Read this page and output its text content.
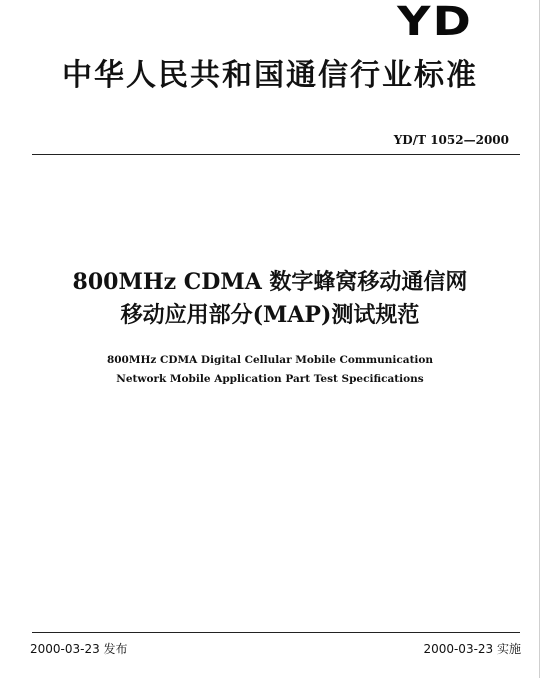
YD
中华人民共和国通信行业标准
YD/T 1052—2000
800MHz CDMA 数字蜂窝移动通信网
移动应用部分(MAP)测试规范
800MHz CDMA Digital Cellular Mobile Communication
Network Mobile Application Part Test Specifications
2000-03-23 发布	2000-03-23 实施
